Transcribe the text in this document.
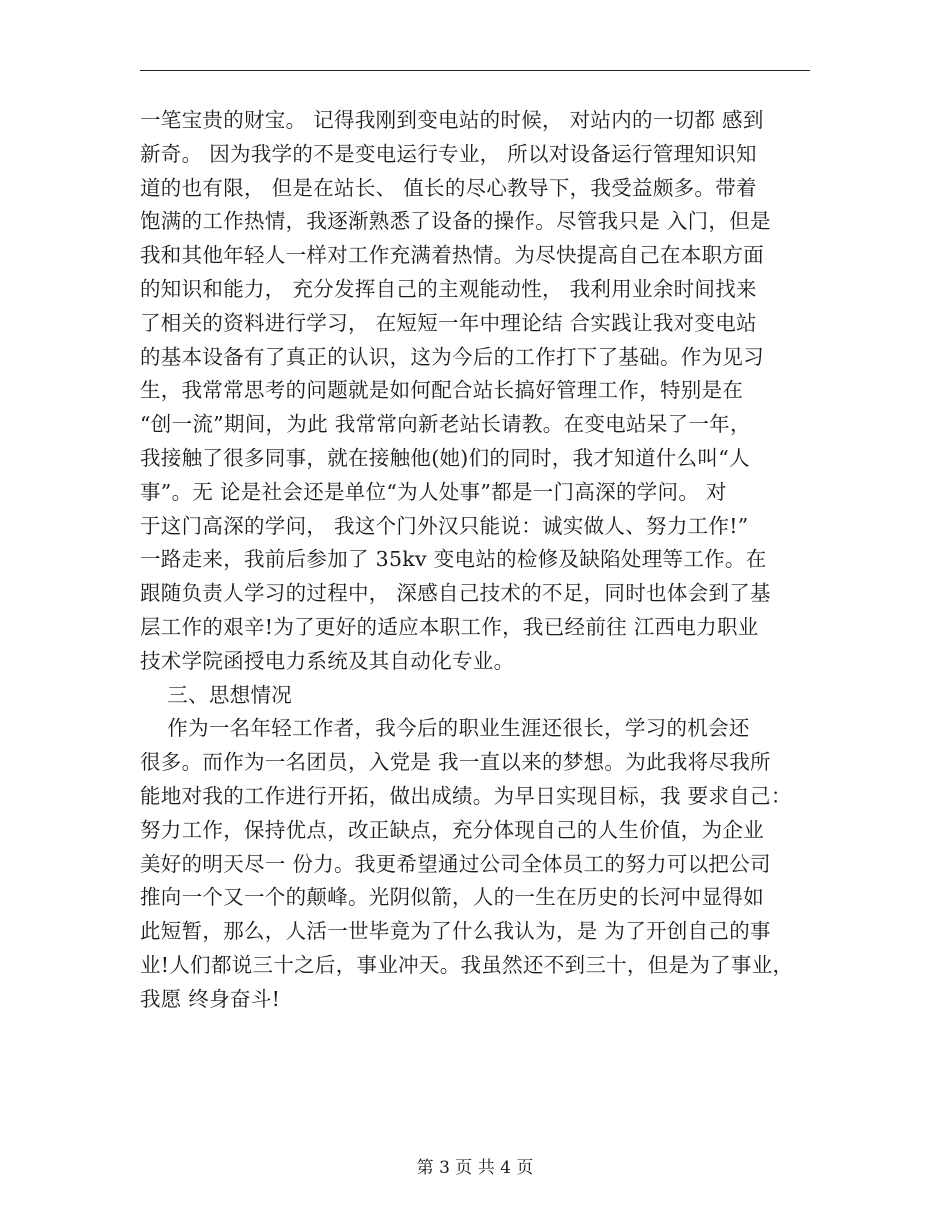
一笔宝贵的财宝。 记得我刚到变电站的时候， 对站内的一切都 感到
新奇。 因为我学的不是变电运行专业， 所以对设备运行管理知识知
道的也有限， 但是在站长、 值长的尽心教导下，我受益颇多。带着
饱满的工作热情，我逐渐熟悉了设备的操作。尽管我只是 入门，但是
我和其他年轻人一样对工作充满着热情。为尽快提高自己在本职方面
的知识和能力， 充分发挥自己的主观能动性， 我利用业余时间找来
了相关的资料进行学习， 在短短一年中理论结 合实践让我对变电站
的基本设备有了真正的认识，这为今后的工作打下了基础。作为见习
生，我常常思考的问题就是如何配合站长搞好管理工作，特别是在
“创一流”期间，为此 我常常向新老站长请教。在变电站呆了一年，
我接触了很多同事，就在接触他(她)们的同时，我才知道什么叫“人
事”。无 论是社会还是单位“为人处事”都是一门高深的学问。 对
于这门高深的学问， 我这个门外汉只能说：诚实做人、努力工作!”
一路走来，我前后参加了 35kv 变电站的检修及缺陷处理等工作。在
跟随负责人学习的过程中， 深感自己技术的不足，同时也体会到了基
层工作的艰辛!为了更好的适应本职工作，我已经前往 江西电力职业
技术学院函授电力系统及其自动化专业。
三、思想情况
作为一名年轻工作者，我今后的职业生涯还很长，学习的机会还
很多。而作为一名团员，入党是 我一直以来的梦想。为此我将尽我所
能地对我的工作进行开拓，做出成绩。为早日实现目标，我 要求自己：
努力工作，保持优点，改正缺点，充分体现自己的人生价值，为企业
美好的明天尽一 份力。我更希望通过公司全体员工的努力可以把公司
推向一个又一个的颠峰。光阴似箭，人的一生在历史的长河中显得如
此短暂，那么，人活一世毕竟为了什么我认为，是 为了开创自己的事
业!人们都说三十之后，事业冲天。我虽然还不到三十，但是为了事业，
我愿 终身奋斗!
第 3 页 共 4 页
